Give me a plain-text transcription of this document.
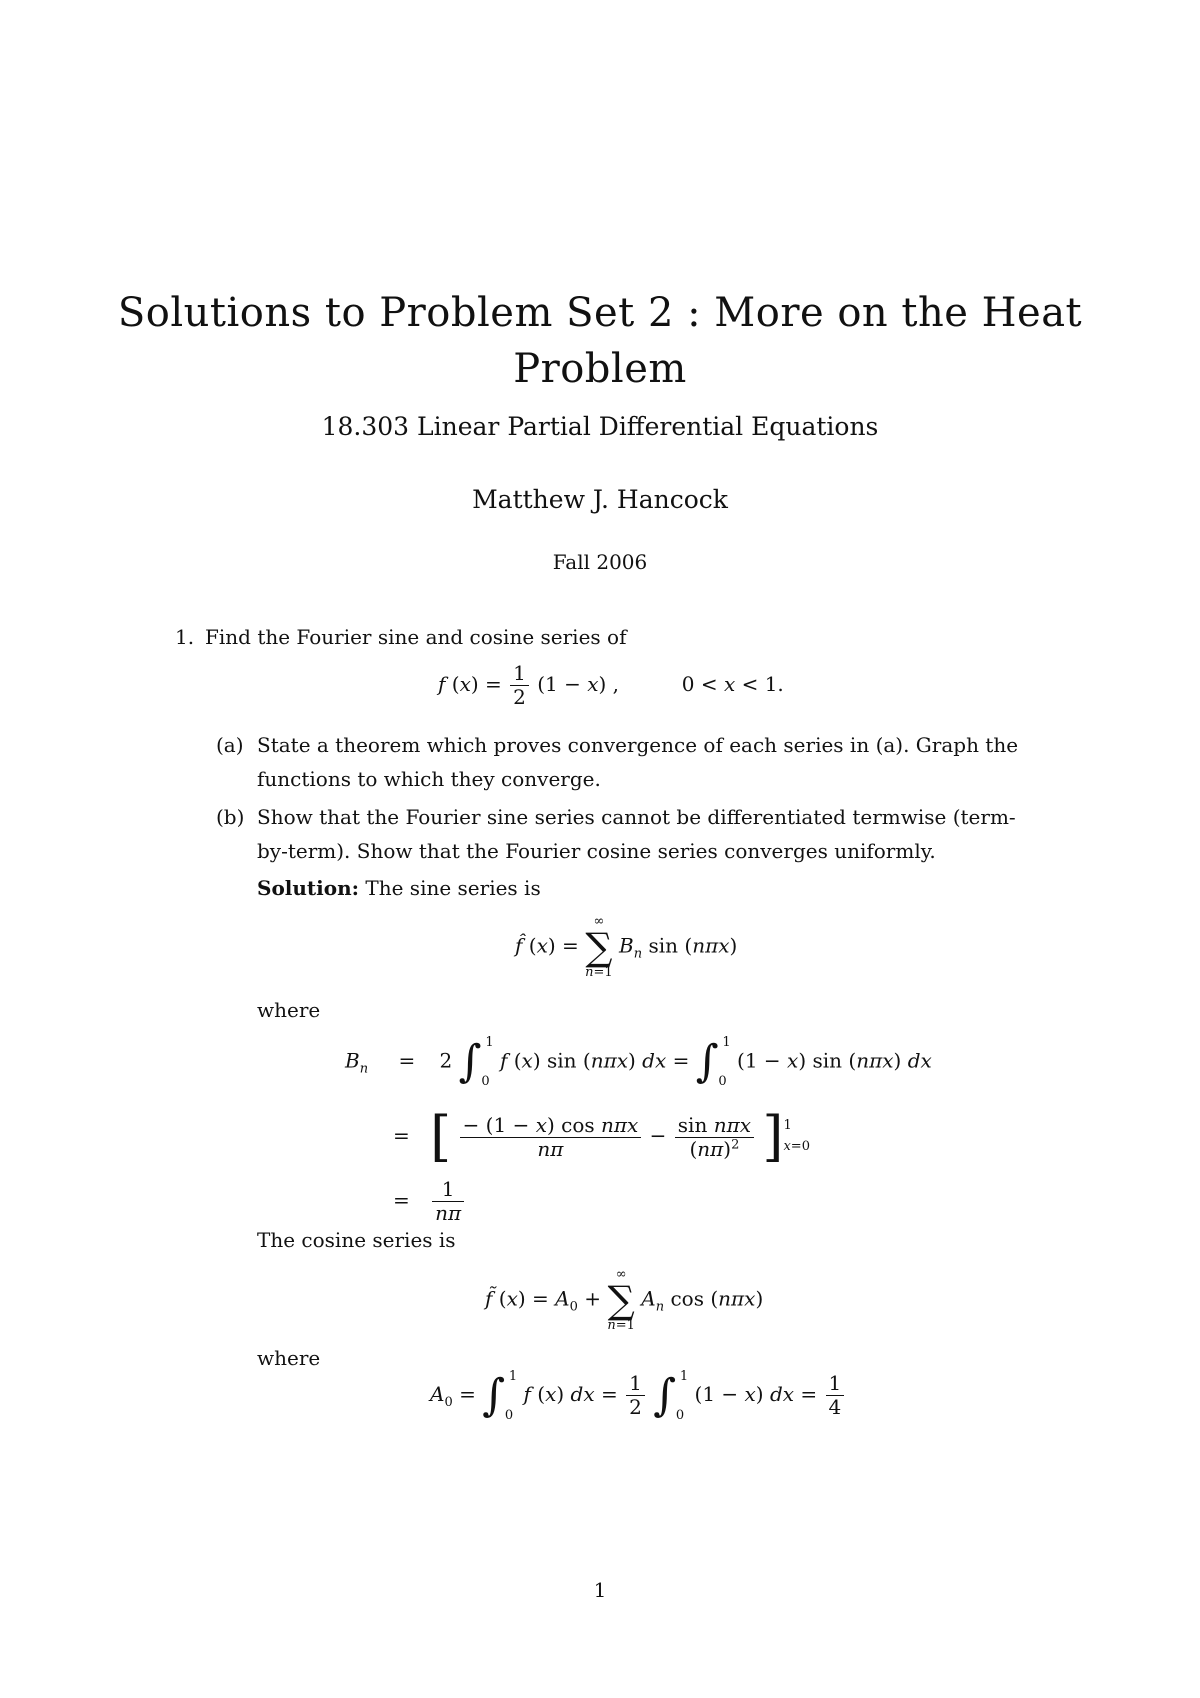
Solutions to Problem Set 2 : More on the Heat
Problem
18.303 Linear Partial Differential Equations
Matthew J. Hancock
Fall 2006
1. Find the Fourier sine and cosine series of
f $(x) = \frac{1}{2} (1 - x)$ ,	0 < x < 1.
(a) State a theorem which proves convergence of each series in (a). Graph the
functions to which they converge.
(b) Show that the Fourier sine series cannot be differentiated termwise (term-
by-term). Show that the Fourier cosine series converges uniformly.
Solution: The sine series is
f̂ (x) =
∞
∑
n=1
$B_n$ sin (nπx)
where
$B_n = 2$ ∫ 1
0
f (x) sin (nπx) dx = ∫ 1
0
(1 − x) sin (nπx) dx
= [ $\frac{\text{− (1 − x) cos nπx}}{n\pi} - \frac{\text{sin nπx}}{(n\pi)^2}$ ] 1
x=0
= $\frac{1}{n\pi}$
The cosine series is
f̃ $(x) = A_0$ +
∞
∑
n=1
$A_n$ cos (nπx)
where
$A_0$ = ∫ 1
0
f (x) dx = $\frac{1}{2}$ ∫ 1
0
(1 − x) dx = $\frac{1}{4}$
1
